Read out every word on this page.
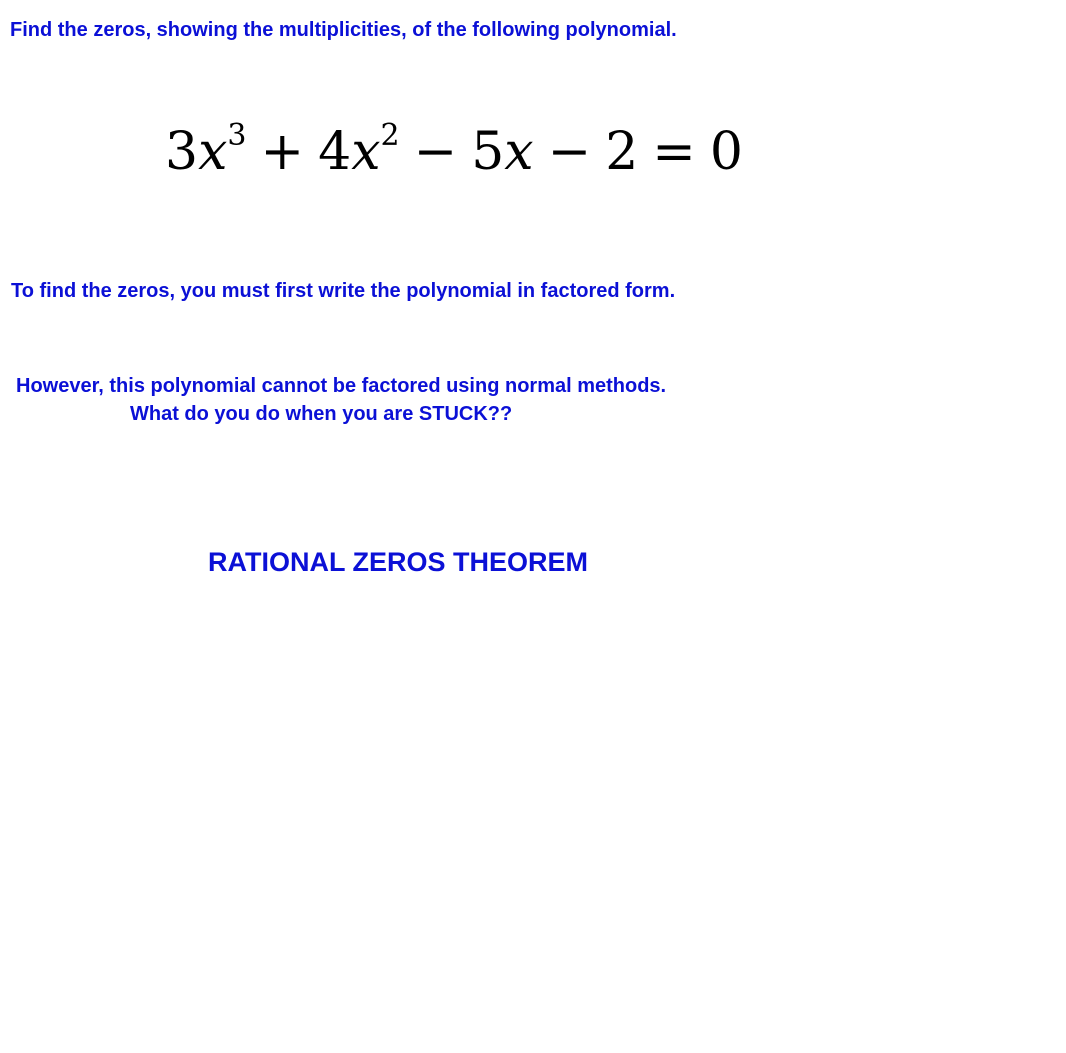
Find the zeros, showing the multiplicities, of the following polynomial.

$3x^3 + 4x^2 - 5x - 2 = 0$

To find the zeros, you must first write the polynomial in factored form.

However, this polynomial cannot be factored using normal methods.

What do you do when you are STUCK??

RATIONAL ZEROS THEOREM
